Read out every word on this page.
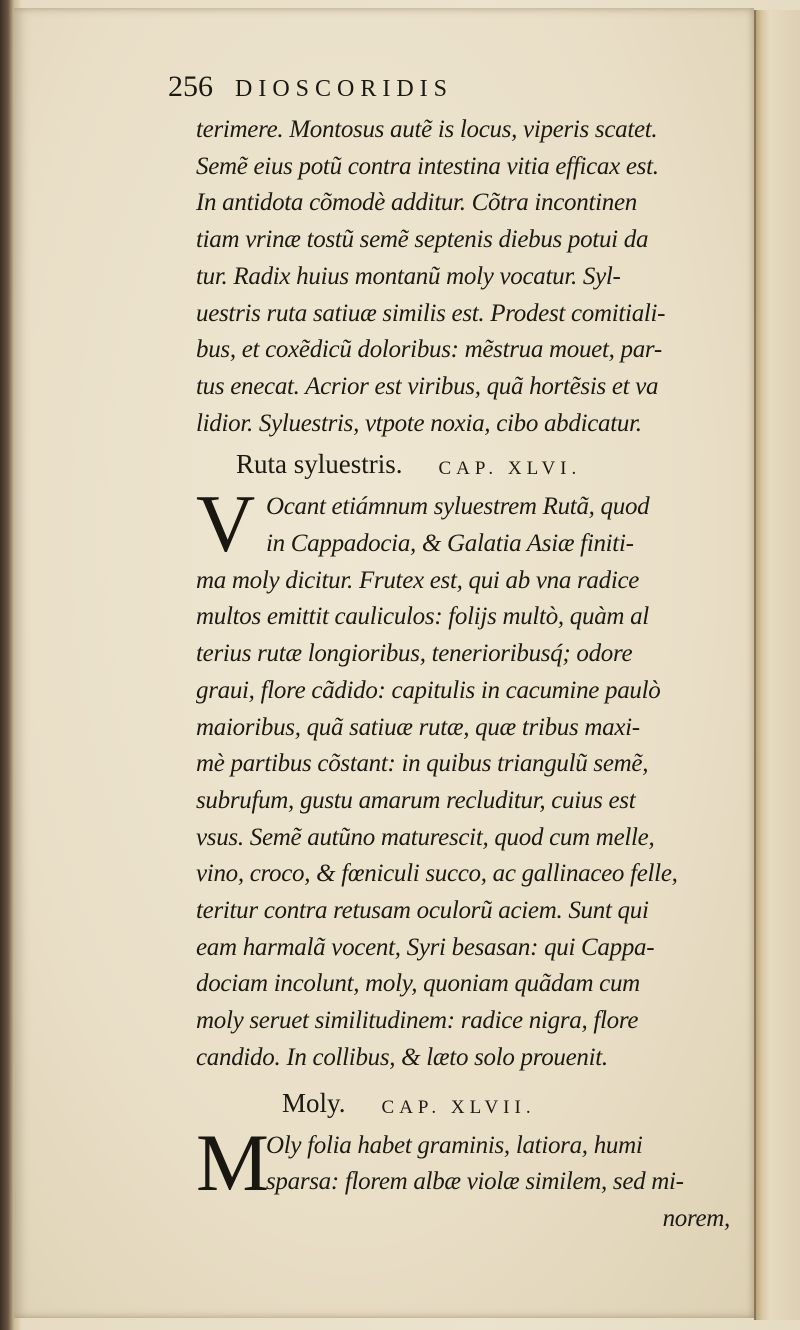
256 DIOSCORIDIS
terimere. Montosus autẽ is locus, viperis scatet.
Semẽ eius potũ contra intestina vitia efficax est.
In antidota cõmodè additur. Cõtra incontinen
tiam vrinæ tostũ semẽ septenis diebus potui da
tur. Radix huius montanũ moly vocatur. Syl-
uestris ruta satiuæ similis est. Prodest comitiali-
bus, et coxẽdicũ doloribus: mẽstrua mouet, par-
tus enecat. Acrior est viribus, quã hortẽsis et va
lidior. Syluestris, vtpote noxia, cibo abdicatur.
Ruta syluestris. CAP. XLVI.
V Ocant etiámnum syluestrem Rutã, quod
in Cappadocia, & Galatia Asiæ finiti-
ma moly dicitur. Frutex est, qui ab vna radice
multos emittit cauliculos: folijs multò, quàm al
terius rutæ longioribus, tenerioribusq́; odore
graui, flore cãdido: capitulis in cacumine paulò
maioribus, quã satiuæ rutæ, quæ tribus maxi-
mè partibus cõstant: in quibus triangulũ semẽ,
subrufum, gustu amarum recluditur, cuius est
vsus. Semẽ autũno maturescit, quod cum melle,
vino, croco, & fœniculi succo, ac gallinaceo felle,
teritur contra retusam oculorũ aciem. Sunt qui
eam harmalã vocent, Syri besasan: qui Cappa-
dociam incolunt, moly, quoniam quãdam cum
moly seruet similitudinem: radice nigra, flore
candido. In collibus, & læto solo prouenit.
Moly. CAP. XLVII.
M
Oly folia habet graminis, latiora, humi
sparsa: florem albæ violæ similem, sed mi-
norem,
